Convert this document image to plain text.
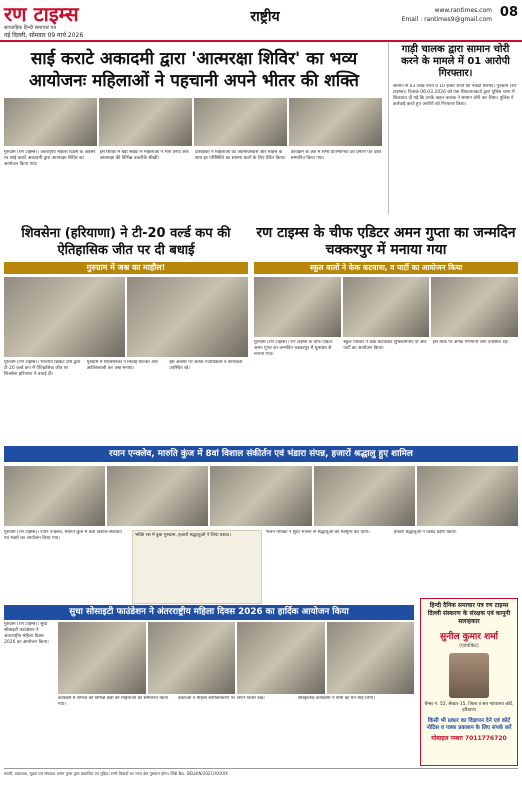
रण टाइम्स
साप्ताहिक हिन्दी समाचार पत्र
नई दिल्ली, सोमवार 09 मार्च 2026
राष्ट्रीय	www.rantimes.com
Email : rantimes9@gmail.com 08
साई कराटे अकादमी द्वारा 'आत्मरक्षा शिविर' का भव्य आयोजनः महिलाओं ने पहचानी अपने भीतर की शक्ति
गुरुग्राम (रण टाइम्स)। अंतर्राष्ट्रीय महिला दिवस के अवसर पर साई कराटे अकादमी द्वारा आत्मरक्षा शिविर का आयोजन किया गया।
इस शिविर में बड़ी संख्या में महिलाओं ने भाग लिया और आत्मरक्षा की विभिन्न तकनीकें सीखीं।
प्रशिक्षकों ने महिलाओं को आत्मविश्वास और साहस के साथ हर परिस्थिति का सामना करने के लिए प्रेरित किया।
कार्यक्रम के अंत में सभी प्रतिभागियों को प्रमाण पत्र देकर सम्मानित किया गया।
गाड़ी चालक द्वारा सामान चोरी करने के मामले में 01 आरोपी गिरफ्तार।
सामान से 03 लाख रुपये व 10 हजार रुपये की नकदी बरामद। गुरुग्राम (रण टाइम्स)। दिनांक 06.03.2026 को एक शिकायतकर्ता द्वारा पुलिस थाना में शिकायत दी गई कि उनके वाहन चालक ने सामान चोरी कर लिया। पुलिस ने कार्रवाई करते हुए आरोपी को गिरफ्तार किया।
शिवसेना (हरियाणा) ने टी-20 वर्ल्ड कप की ऐतिहासिक जीत पर दी बधाई
गुरुग्राम में जश्न का माहौल!
गुरुग्राम (रण टाइम्स)। भारतीय क्रिकेट टीम द्वारा टी-20 वर्ल्ड कप में ऐतिहासिक जीत पर शिवसेना हरियाणा ने बधाई दी।
गुरुग्राम में शिवसैनिकों ने मिठाई बांटकर और आतिशबाजी कर जश्न मनाया।
इस अवसर पर अनेक पदाधिकारी व कार्यकर्ता उपस्थित रहे।
रण टाइम्स के चीफ एडिटर अमन गुप्ता का जन्मदिन चक्करपुर में मनाया गया
स्कूल वालों ने केक कटवाया, व पार्टी का आयोजन किया
गुरुग्राम (रण टाइम्स)। रण टाइम्स के चीफ एडिटर अमन गुप्ता का जन्मदिन चक्करपुर में धूमधाम से मनाया गया।
स्कूल परिवार ने केक कटवाकर शुभकामनाएं दीं और पार्टी का आयोजन किया।
इस मौके पर अनेक गणमान्य लोग उपस्थित रहे।
रयान एन्क्लेव, मारुति कुंज में 8वां विशाल संकीर्तन एवं भंडारा संपन्न, हजारों श्रद्धालु हुए शामिल
गुरुग्राम (रण टाइम्स)। रयान एन्क्लेव, मारुति कुंज में 8वां विशाल संकीर्तन एवं भंडारे का आयोजन किया गया।
भक्ति रस में डूबा गुरुग्राम, हजारों श्रद्धालुओं ने लिया प्रसाद।
भजन गायकों ने सुंदर भजनों से श्रद्धालुओं को मंत्रमुग्ध कर दिया।	हजारों श्रद्धालुओं ने प्रसाद ग्रहण किया।
सुधा सोसाइटी फाउंडेशन ने अंतरराष्ट्रीय महिला दिवस 2026 का हार्दिक आयोजन किया
गुरुग्राम (रण टाइम्स)। सुधा सोसाइटी फाउंडेशन ने अंतरराष्ट्रीय महिला दिवस 2026 का आयोजन किया।
कार्यक्रम में समाज की विभिन्न क्षेत्रों की महिलाओं को सम्मानित किया गया।
वक्ताओं ने महिला सशक्तिकरण पर अपने विचार रखे।	सांस्कृतिक कार्यक्रमों ने सभी का मन मोह लिया।
हिन्दी दैनिक समाचार पत्र रण टाइम्स दिल्ली संस्करण के संरक्षक एवं कानूनी सलाहकार
सुनील कुमार शर्मा
(एडवोकेट)
चैम्बर नं. 52, सेक्टर-15, जिला व सत्र न्यायालय कोर्ट, हरियाणा
किसी भी प्रकार का विज्ञापन देने एवं कोर्ट नोटिस व पत्रक प्रकाशन के लिए संपर्क करें
मोबाइल नम्बरः 7011776720
स्वामी, प्रकाशक, मुद्रक एवं संपादक अमन गुप्ता द्वारा प्रकाशित एवं मुद्रित। सभी विवादों का न्याय क्षेत्र गुरुग्राम होगा। RNI No. DELHIN/2021/XXXXX
